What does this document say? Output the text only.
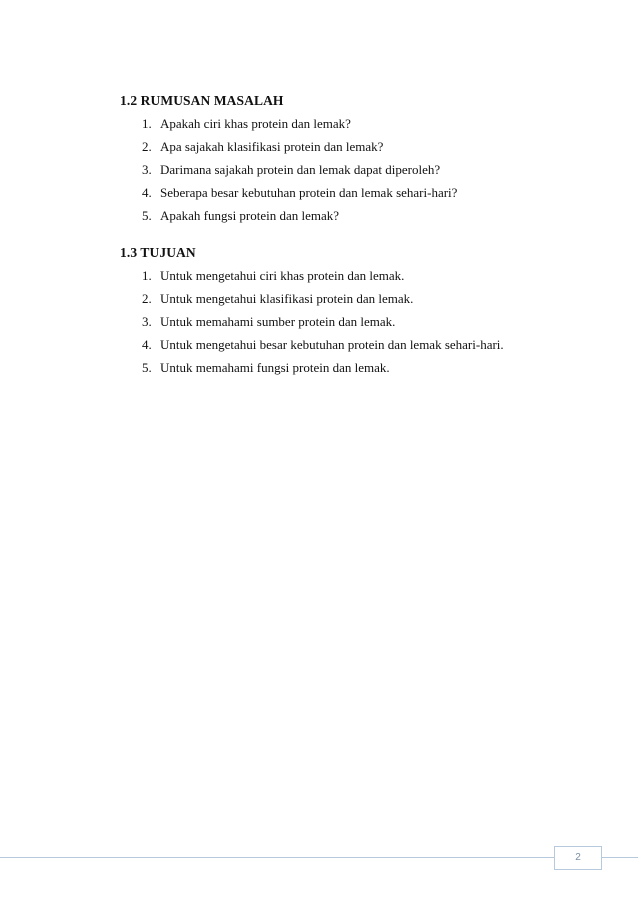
1.2 RUMUSAN MASALAH
1. Apakah ciri khas protein dan lemak?
2. Apa sajakah klasifikasi protein dan lemak?
3. Darimana sajakah protein dan lemak dapat diperoleh?
4. Seberapa besar kebutuhan protein dan lemak sehari-hari?
5. Apakah fungsi protein dan lemak?
1.3 TUJUAN
1. Untuk mengetahui ciri khas protein dan lemak.
2. Untuk mengetahui klasifikasi protein dan lemak.
3. Untuk memahami sumber protein dan lemak.
4. Untuk mengetahui besar kebutuhan protein dan lemak sehari-hari.
5. Untuk memahami fungsi protein dan lemak.
2
